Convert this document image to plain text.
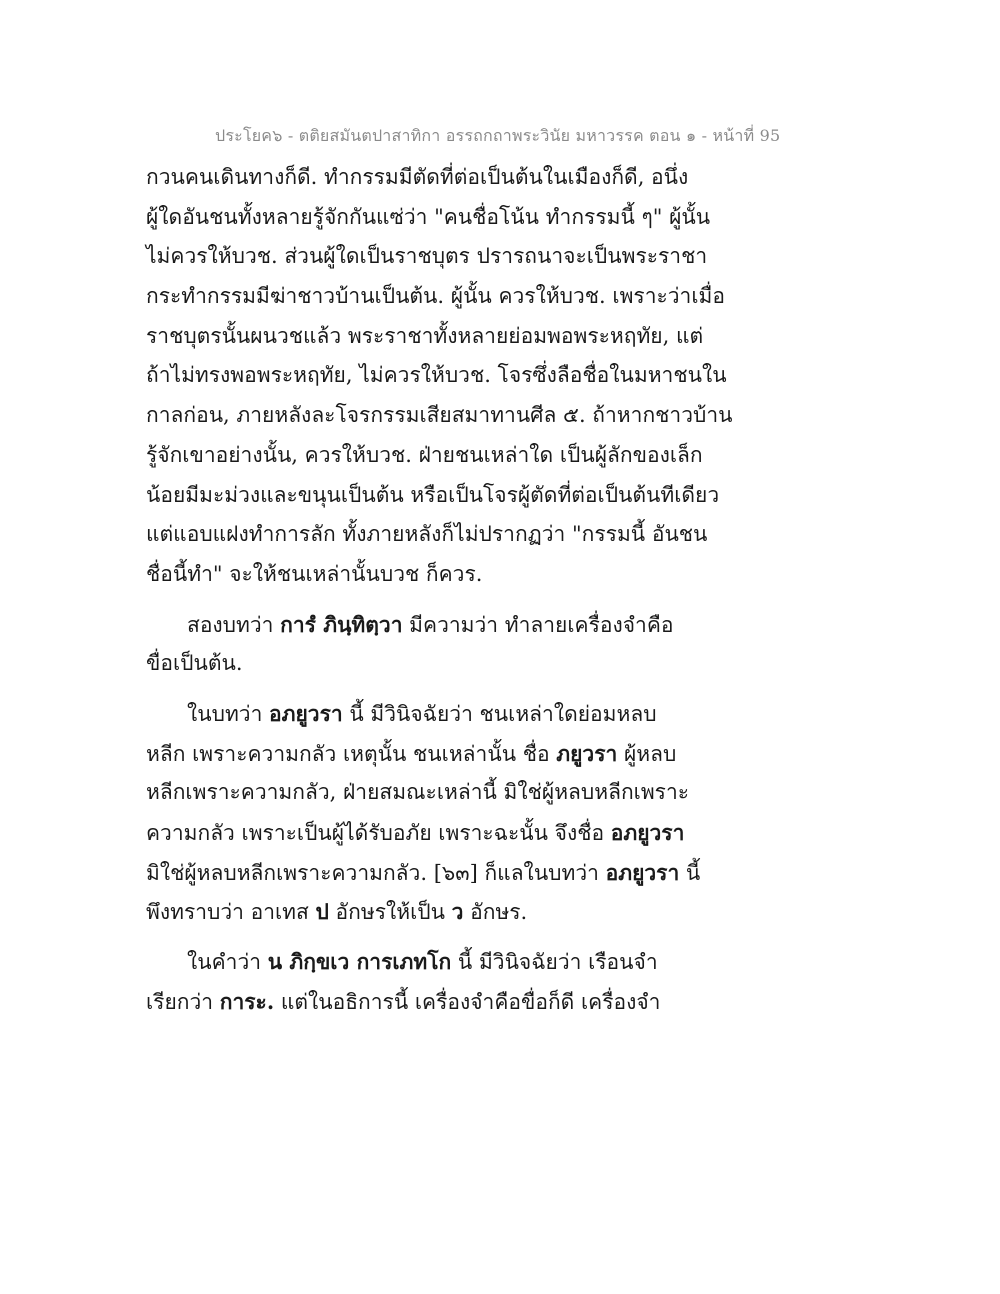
ประโยค๖ - ตติยสมันตปาสาทิกา อรรถกถาพระวินัย มหาวรรค ตอน ๑ - หน้าที่ 95
กวนคนเดินทางก็ดี. ทำกรรมมีตัดที่ต่อเป็นต้นในเมืองก็ดี, อนึ่ง
ผู้ใดอันชนทั้งหลายรู้จักกันแซ่ว่า "คนชื่อโน้น ทำกรรมนี้ ๆ" ผู้นั้น
ไม่ควรให้บวช. ส่วนผู้ใดเป็นราชบุตร ปรารถนาจะเป็นพระราชา
กระทำกรรมมีฆ่าชาวบ้านเป็นต้น. ผู้นั้น ควรให้บวช. เพราะว่าเมื่อ
ราชบุตรนั้นผนวชแล้ว พระราชาทั้งหลายย่อมพอพระหฤทัย, แต่
ถ้าไม่ทรงพอพระหฤทัย, ไม่ควรให้บวช. โจรซึ่งลือชื่อในมหาชนใน
กาลก่อน, ภายหลังละโจรกรรมเสียสมาทานศีล ๕. ถ้าหากชาวบ้าน
รู้จักเขาอย่างนั้น, ควรให้บวช. ฝ่ายชนเหล่าใด เป็นผู้ลักของเล็ก
น้อยมีมะม่วงและขนุนเป็นต้น หรือเป็นโจรผู้ตัดที่ต่อเป็นต้นทีเดียว
แต่แอบแฝงทำการลัก ทั้งภายหลังก็ไม่ปรากฏว่า "กรรมนี้ อันชน
ชื่อนี้ทำ" จะให้ชนเหล่านั้นบวช ก็ควร.
สองบทว่า การํ ภินฺทิตฺวา มีความว่า ทำลายเครื่องจำคือ
ขื่อเป็นต้น.
ในบทว่า อภยูวรา นี้ มีวินิจฉัยว่า ชนเหล่าใดย่อมหลบ
หลีก เพราะความกลัว เหตุนั้น ชนเหล่านั้น ชื่อ ภยูวรา ผู้หลบ
หลีกเพราะความกลัว, ฝ่ายสมณะเหล่านี้ มิใช่ผู้หลบหลีกเพราะ
ความกลัว เพราะเป็นผู้ได้รับอภัย เพราะฉะนั้น จึงชื่อ อภยูวรา
มิใช่ผู้หลบหลีกเพราะความกลัว. [๖๓] ก็แลในบทว่า อภยูวรา นี้
พึงทราบว่า อาเทส ป อักษรให้เป็น ว อักษร.
ในคำว่า น ภิกฺขเว การเภทโก นี้ มีวินิจฉัยว่า เรือนจำ
เรียกว่า การะ. แต่ในอธิการนี้ เครื่องจำคือขื่อก็ดี เครื่องจำ
